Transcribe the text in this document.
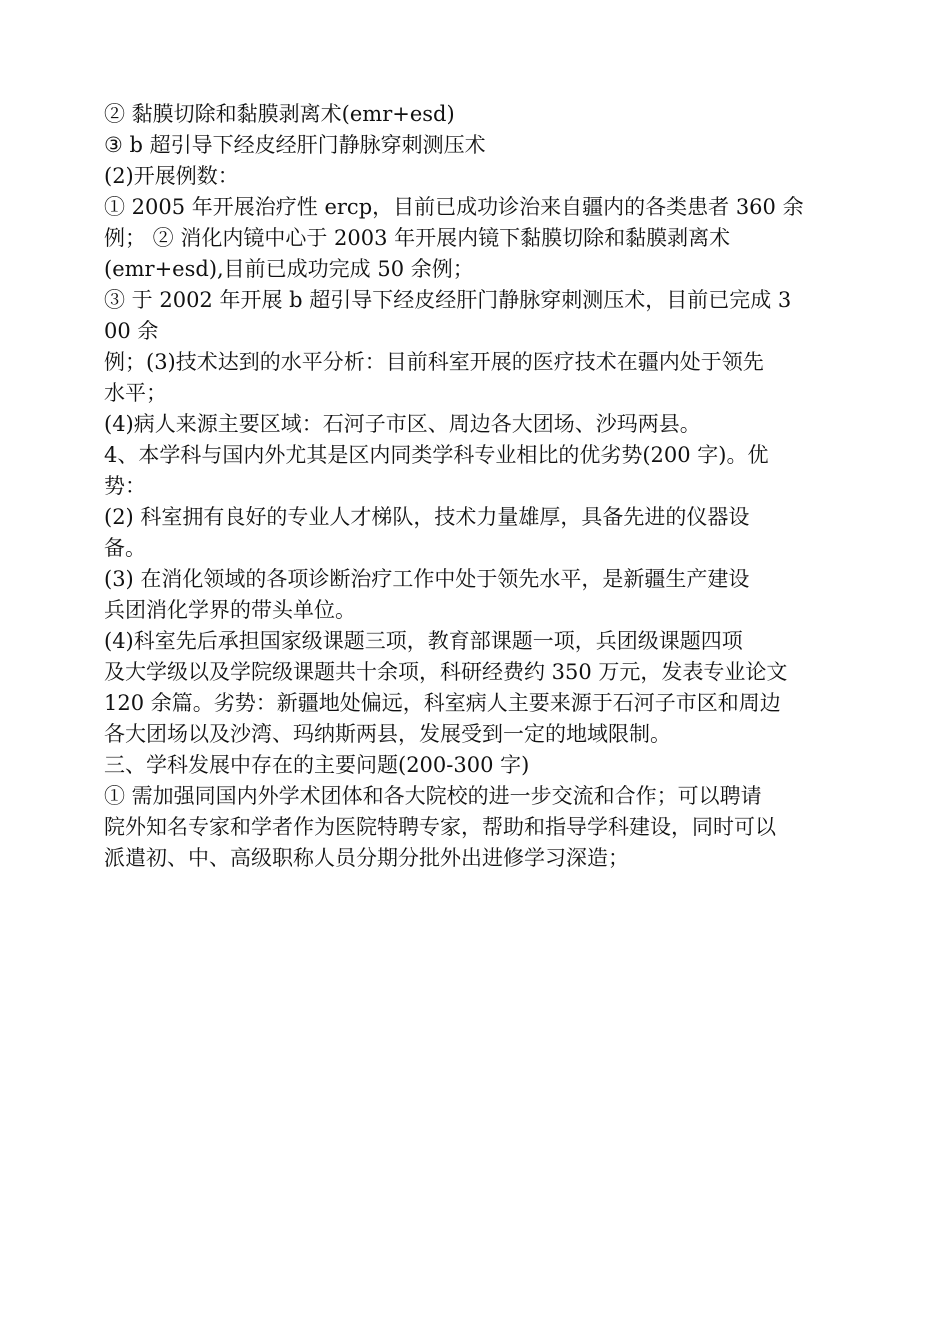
② 黏膜切除和黏膜剥离术(emr+esd)

③ b 超引导下经皮经肝门静脉穿刺测压术

(2)开展例数：

① 2005 年开展治疗性 ercp，目前已成功诊治来自疆内的各类患者 360 余

例； ② 消化内镜中心于 2003 年开展内镜下黏膜切除和黏膜剥离术

(emr+esd),目前已成功完成 50 余例；

③ 于 2002 年开展 b 超引导下经皮经肝门静脉穿刺测压术，目前已完成 3

00 余

例；(3)技术达到的水平分析：目前科室开展的医疗技术在疆内处于领先

水平；

(4)病人来源主要区域：石河子市区、周边各大团场、沙玛两县。

4、本学科与国内外尤其是区内同类学科专业相比的优劣势(200 字)。优

势：

(2) 科室拥有良好的专业人才梯队，技术力量雄厚，具备先进的仪器设

备。

(3) 在消化领域的各项诊断治疗工作中处于领先水平，是新疆生产建设

兵团消化学界的带头单位。

(4)科室先后承担国家级课题三项，教育部课题一项，兵团级课题四项

及大学级以及学院级课题共十余项，科研经费约 350 万元，发表专业论文

120 余篇。劣势：新疆地处偏远，科室病人主要来源于石河子市区和周边

各大团场以及沙湾、玛纳斯两县，发展受到一定的地域限制。

三、学科发展中存在的主要问题(200-300 字)

① 需加强同国内外学术团体和各大院校的进一步交流和合作；可以聘请

院外知名专家和学者作为医院特聘专家，帮助和指导学科建设，同时可以

派遣初、中、高级职称人员分期分批外出进修学习深造；
